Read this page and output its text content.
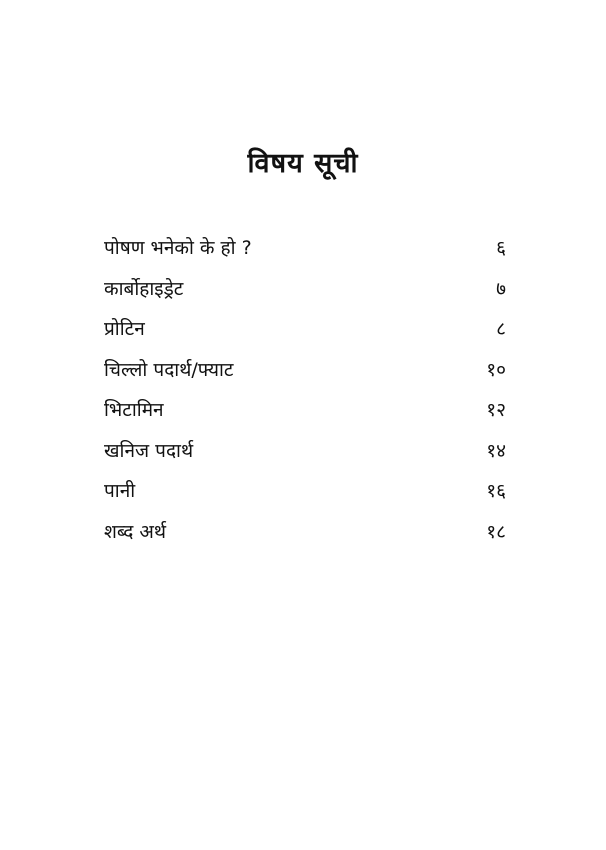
विषय सूची
पोषण भनेको के हो ?	६
कार्बोहाइड्रेट	७
प्रोटिन	८
चिल्लो पदार्थ/फ्याट	१०
भिटामिन	१२
खनिज पदार्थ	१४
पानी	१६
शब्द अर्थ	१८
